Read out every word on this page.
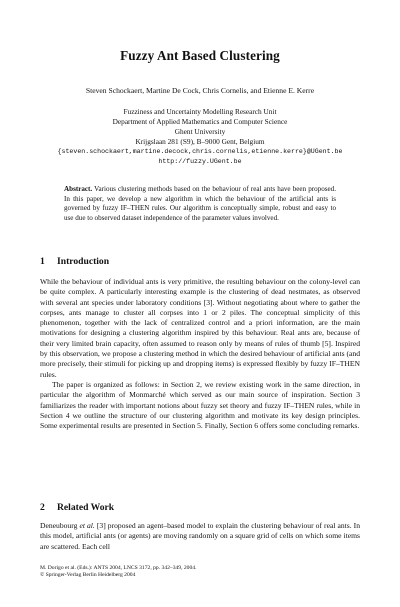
Fuzzy Ant Based Clustering
Steven Schockaert, Martine De Cock, Chris Cornelis, and Etienne E. Kerre
Fuzziness and Uncertainty Modelling Research Unit
Department of Applied Mathematics and Computer Science
Ghent University
Krijgslaan 281 (S9), B–9000 Gent, Belgium
{steven.schockaert,martine.decock,chris.cornelis,etienne.kerre}@UGent.be
http://fuzzy.UGent.be
Abstract. Various clustering methods based on the behaviour of real ants have been proposed. In this paper, we develop a new algorithm in which the behaviour of the artificial ants is governed by fuzzy IF–THEN rules. Our algorithm is conceptually simple, robust and easy to use due to observed dataset independence of the parameter values involved.
1 Introduction

While the behaviour of individual ants is very primitive, the resulting behaviour on the colony-level can be quite complex. A particularly interesting example is the clustering of dead nestmates, as observed with several ant species under laboratory conditions [3]. Without negotiating about where to gather the corpses, ants manage to cluster all corpses into 1 or 2 piles. The conceptual simplicity of this phenomenon, together with the lack of centralized control and a priori information, are the main motivations for designing a clustering algorithm inspired by this behaviour. Real ants are, because of their very limited brain capacity, often assumed to reason only by means of rules of thumb [5]. Inspired by this observation, we propose a clustering method in which the desired behaviour of artificial ants (and more precisely, their stimuli for picking up and dropping items) is expressed flexibly by fuzzy IF–THEN rules.

The paper is organized as follows: in Section 2, we review existing work in the same direction, in particular the algorithm of Monmarché which served as our main source of inspiration. Section 3 familiarizes the reader with important notions about fuzzy set theory and fuzzy IF–THEN rules, while in Section 4 we outline the structure of our clustering algorithm and motivate its key design principles. Some experimental results are presented in Section 5. Finally, Section 6 offers some concluding remarks.

2 Related Work

Deneubourg et al. [3] proposed an agent–based model to explain the clustering behaviour of real ants. In this model, artificial ants (or agents) are moving randomly on a square grid of cells on which some items are scattered. Each cell

M. Dorigo et al. (Eds.): ANTS 2004, LNCS 3172, pp. 342–349, 2004.
© Springer-Verlag Berlin Heidelberg 2004
